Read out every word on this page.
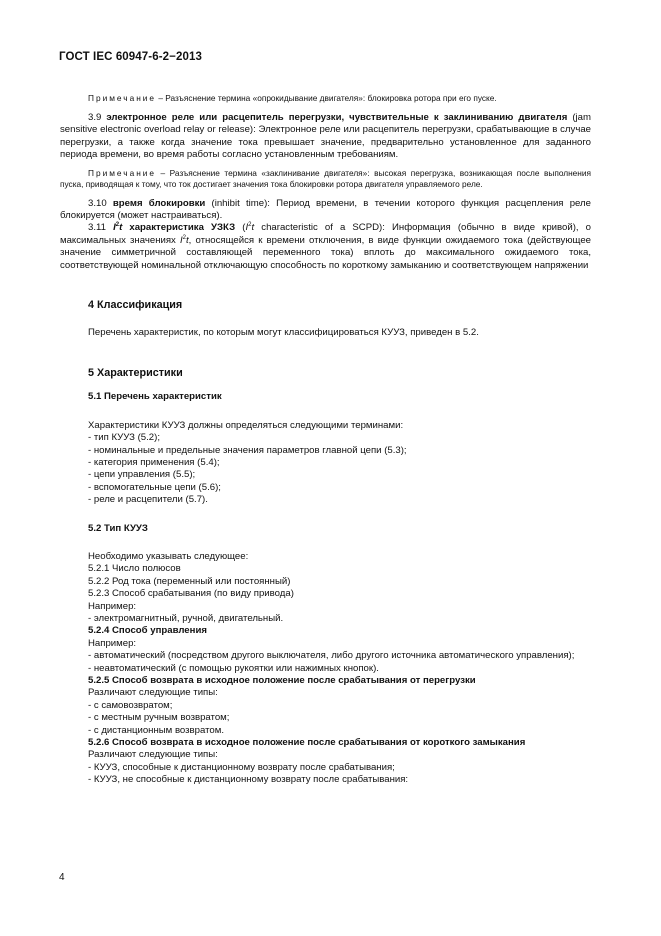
ГОСТ IEC 60947-6-2−2013

Примечание – Разъяснение термина «опрокидывание двигателя»: блокировка ротора при его пуске.

3.9 электронное реле или расцепитель перегрузки, чувствительные к заклиниванию двигателя (jam sensitive electronic overload relay or release): Электронное реле или расцепитель перегрузки, срабатывающие в случае перегрузки, а также когда значение тока превышает значение, предварительно установленное для заданного периода времени, во время работы согласно установленным требованиям.

Примечание – Разъяснение термина «заклинивание двигателя»: высокая перегрузка, возникающая после выполнения пуска, приводящая к тому, что ток достигает значения тока блокировки ротора двигателя управляемого реле.

3.10 время блокировки (inhibit time): Период времени, в течении которого функция расцепления реле блокируется (может настраиваться).

3.11 $I^2t$ характеристика УЗКЗ ($I^2t$ characteristic of a SCPD): Информация (обычно в виде кривой), о максимальных значениях $I^2t$, относящейся к времени отключения, в виде функции ожидаемого тока (действующее значение симметричной составляющей переменного тока) вплоть до максимального ожидаемого тока, соответствующей номинальной отключающую способность по короткому замыканию и соответствующем напряжении

4 Классификация

Перечень характеристик, по которым могут классифицироваться КУУЗ, приведен в 5.2.

5 Характеристики
5.1 Перечень характеристик
Характеристики КУУЗ должны определяться следующими терминами:
- тип КУУЗ (5.2);
- номинальные и предельные значения параметров главной цепи (5.3);
- категория применения (5.4);
- цепи управления (5.5);
- вспомогательные цепи (5.6);
- реле и расцепители (5.7).
5.2 Тип КУУЗ
Необходимо указывать следующее:
5.2.1 Число полюсов
5.2.2 Род тока (переменный или постоянный)
5.2.3 Способ срабатывания (по виду привода)
Например:
- электромагнитный, ручной, двигательный.
5.2.4 Способ управления
Например:

- автоматический (посредством другого выключателя, либо другого источника автоматического управления);

- неавтоматический (с помощью рукоятки или нажимных кнопок).
5.2.5 Способ возврата в исходное положение после срабатывания от перегрузки
Различают следующие типы:
- с самовозвратом;
- с местным ручным возвратом;
- с дистанционным возвратом.
5.2.6 Способ возврата в исходное положение после срабатывания от короткого замыкания
Различают следующие типы:
- КУУЗ, способные к дистанционному возврату после срабатывания;
- КУУЗ, не способные к дистанционному возврату после срабатывания:
4
